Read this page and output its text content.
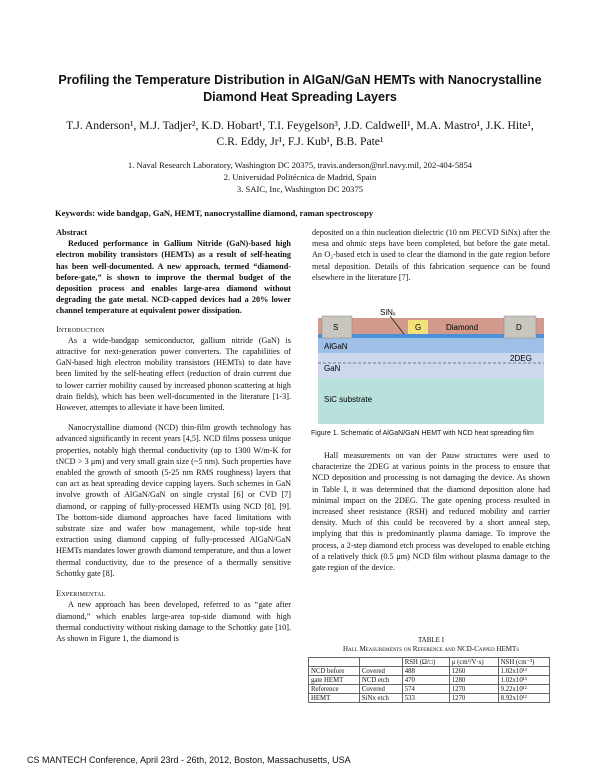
Profiling the Temperature Distribution in AlGaN/GaN HEMTs with Nanocrystalline Diamond Heat Spreading Layers
T.J. Anderson¹, M.J. Tadjer², K.D. Hobart¹, T.I. Feygelson³, J.D. Caldwell¹, M.A. Mastro¹, J.K. Hite¹,
C.R. Eddy, Jr¹, F.J. Kub¹, B.B. Pate¹
1. Naval Research Laboratory, Washington DC 20375, travis.anderson@nrl.navy.mil, 202-404-5854
2. Universidad Politécnica de Madrid, Spain
3. SAIC, Inc, Washington DC 20375
Keywords: wide bandgap, GaN, HEMT, nanocrystalline diamond, raman spectroscopy

Abstract

Reduced performance in Gallium Nitride (GaN)-based high electron mobility transistors (HEMTs) as a result of self-heating has been well-documented. A new approach, termed “diamond-before-gate,” is shown to improve the thermal budget of the deposition process and enables large-area diamond without degrading the gate metal. NCD-capped devices had a 20% lower channel temperature at equivalent power dissipation.

Introduction

As a wide-bandgap semiconductor, gallium nitride (GaN) is attractive for next-generation power converters. The capabilities of GaN-based high electron mobility transistors (HEMTs) to date have been limited by the self-heating effect (reduction of drain current due to lower carrier mobility caused by increased phonon scattering at high drain fields), which has been well-documented in the literature [1-3]. However, attempts to alleviate it have been limited.

Nanocrystalline diamond (NCD) thin-film growth technology has advanced significantly in recent years [4,5]. NCD films possess unique properties, notably high thermal conductivity (up to 1300 W/m-K for tNCD > 3 μm) and very small grain size (~5 nm). Such properties have enabled the growth of smooth (5-25 nm RMS roughness) layers that can act as heat spreading device capping layers. Such schemes in GaN involve growth of AlGaN/GaN on single crystal [6] or CVD [7] diamond, or capping of fully-processed HEMTs using NCD [8], [9]. The bottom-side diamond approaches have faced limitations with substrate size and wafer bow management, while top-side heat extraction using diamond capping of fully-processed AlGaN/GaN HEMTs mandates lower growth diamond temperature, and thus a lower thermal conductivity, due to the presence of a thermally sensitive Schottky gate [8].

Experimental

A new approach has been developed, referred to as “gate after diamond,” which enables large-area top-side diamond with high thermal conductivity without risking damage to the Schottky gate [10]. As shown in Figure 1, the diamond is

deposited on a thin nucleation dielectric (10 nm PECVD SiNx) after the mesa and ohmic steps have been completed, but before the gate metal. An O₂-based etch is used to clear the diamond in the gate region before metal deposition. Details of this fabrication sequence can be found elsewhere in the literature [7].

SiNₓ
S	G	Diamond	D
AlGaN
2DEG
GaN
SiC substrate
Figure 1. Schematic of AlGaN/GaN HEMT with NCD heat spreading film

Hall measurements on van der Pauw structures were used to characterize the 2DEG at various points in the process to ensure that NCD deposition and processing is not damaging the device. As shown in Table I, it was determined that the diamond deposition alone had minimal impact on the 2DEG. The gate opening process resulted in increased sheet resistance (RSH) and reduced mobility and carrier density. Much of this could be recovered by a short anneal step, implying that this is predominantly plasma damage. To improve the process, a 2-step diamond etch process was developed to enable etching of a relatively thick (0.5 μm) NCD film without plasma damage to the gate region of the device.

TABLE I
Hall Measurements on Reference and NCD-Capped HEMTs
		RSH (Ω/□)	μ (cm²/V·s)	NSH (cm⁻²)
NCD before	Covered	488	1260	1.02x10¹³
gate HEMT	NCD etch	470	1280	1.02x10¹³
Reference	Covered	574	1270	9.22x10¹²
HEMT	SiNx etch	533	1270	8.92x10¹²
CS MANTECH Conference, April 23rd - 26th, 2012, Boston, Massachusetts, USA
